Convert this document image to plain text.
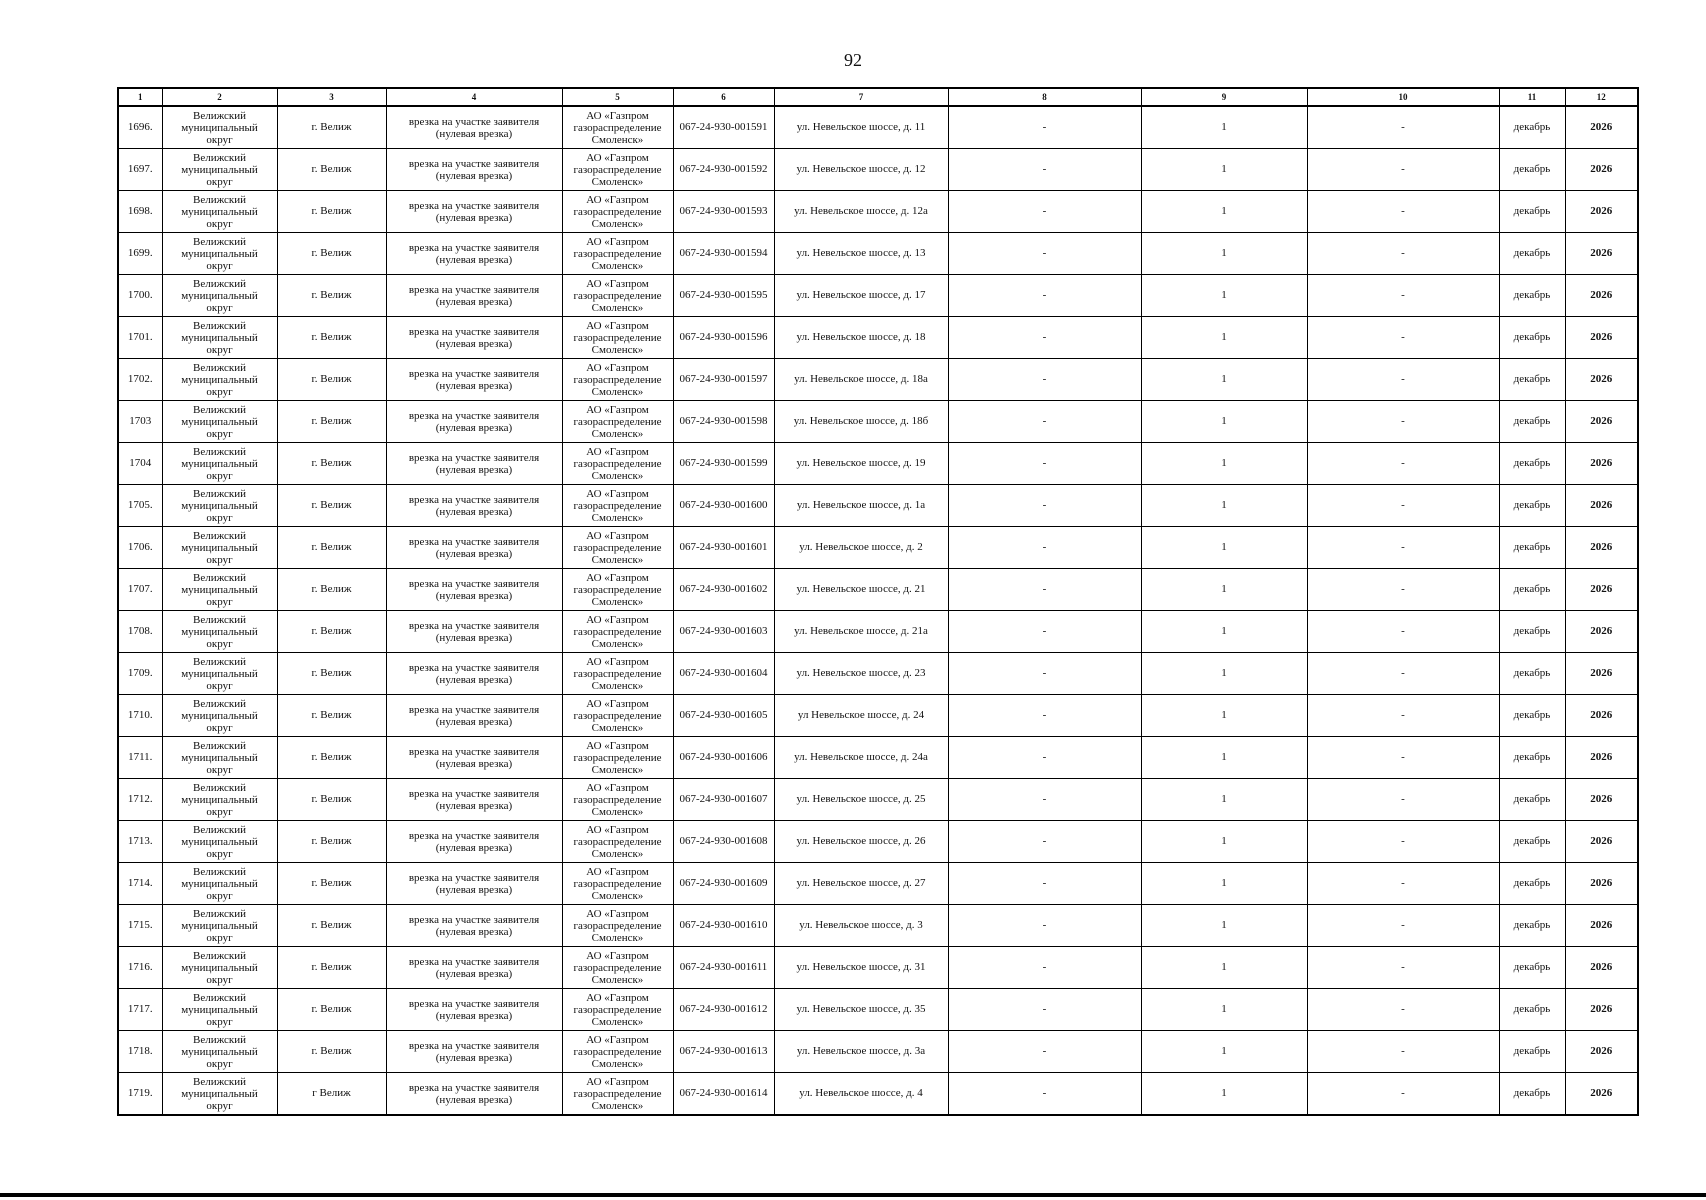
92
1	2	3	4	5	6	7	8	9	10	11	12
1696.	Велижский
муниципальный
округ	г. Велиж	врезка на участке заявителя
(нулевая врезка)	АО «Газпром
газораспределение
Смоленск»	067-24-930-001591	ул. Невельское шоссе, д. 11	-	1	-	декабрь	2026
1697.	Велижский
муниципальный
округ	г. Велиж	врезка на участке заявителя
(нулевая врезка)	АО «Газпром
газораспределение
Смоленск»	067-24-930-001592	ул. Невельское шоссе, д. 12	-	1	-	декабрь	2026
1698.	Велижский
муниципальный
округ	г. Велиж	врезка на участке заявителя
(нулевая врезка)	АО «Газпром
газораспределение
Смоленск»	067-24-930-001593	ул. Невельское шоссе, д. 12а	-	1	-	декабрь	2026
1699.	Велижский
муниципальный
округ	г. Велиж	врезка на участке заявителя
(нулевая врезка)	АО «Газпром
газораспределение
Смоленск»	067-24-930-001594	ул. Невельское шоссе, д. 13	-	1	-	декабрь	2026
1700.	Велижский
муниципальный
округ	г. Велиж	врезка на участке заявителя
(нулевая врезка)	АО «Газпром
газораспределение
Смоленск»	067-24-930-001595	ул. Невельское шоссе, д. 17	-	1	-	декабрь	2026
1701.	Велижский
муниципальный
округ	г. Велиж	врезка на участке заявителя
(нулевая врезка)	АО «Газпром
газораспределение
Смоленск»	067-24-930-001596	ул. Невельское шоссе, д. 18	-	1	-	декабрь	2026
1702.	Велижский
муниципальный
округ	г. Велиж	врезка на участке заявителя
(нулевая врезка)	АО «Газпром
газораспределение
Смоленск»	067-24-930-001597	ул. Невельское шоссе, д. 18а	-	1	-	декабрь	2026
1703	Велижский
муниципальный
округ	г. Велиж	врезка на участке заявителя
(нулевая врезка)	АО «Газпром
газораспределение
Смоленск»	067-24-930-001598	ул. Невельское шоссе, д. 18б	-	1	-	декабрь	2026
1704	Велижский
муниципальный
округ	г. Велиж	врезка на участке заявителя
(нулевая врезка)	АО «Газпром
газораспределение
Смоленск»	067-24-930-001599	ул. Невельское шоссе, д. 19	-	1	-	декабрь	2026
1705.	Велижский
муниципальный
округ	г. Велиж	врезка на участке заявителя
(нулевая врезка)	АО «Газпром
газораспределение
Смоленск»	067-24-930-001600	ул. Невельское шоссе, д. 1а	-	1	-	декабрь	2026
1706.	Велижский
муниципальный
округ	г. Велиж	врезка на участке заявителя
(нулевая врезка)	АО «Газпром
газораспределение
Смоленск»	067-24-930-001601	ул. Невельское шоссе, д. 2	-	1	-	декабрь	2026
1707.	Велижский
муниципальный
округ	г. Велиж	врезка на участке заявителя
(нулевая врезка)	АО «Газпром
газораспределение
Смоленск»	067-24-930-001602	ул. Невельское шоссе, д. 21	-	1	-	декабрь	2026
1708.	Велижский
муниципальный
округ	г. Велиж	врезка на участке заявителя
(нулевая врезка)	АО «Газпром
газораспределение
Смоленск»	067-24-930-001603	ул. Невельское шоссе, д. 21а	-	1	-	декабрь	2026
1709.	Велижский
муниципальный
округ	г. Велиж	врезка на участке заявителя
(нулевая врезка)	АО «Газпром
газораспределение
Смоленск»	067-24-930-001604	ул. Невельское шоссе, д. 23	-	1	-	декабрь	2026
1710.	Велижский
муниципальный
округ	г. Велиж	врезка на участке заявителя
(нулевая врезка)	АО «Газпром
газораспределение
Смоленск»	067-24-930-001605	ул Невельское шоссе, д. 24	-	1	-	декабрь	2026
1711.	Велижский
муниципальный
округ	г. Велиж	врезка на участке заявителя
(нулевая врезка)	АО «Газпром
газораспределение
Смоленск»	067-24-930-001606	ул. Невельское шоссе, д. 24а	-	1	-	декабрь	2026
1712.	Велижский
муниципальный
округ	г. Велиж	врезка на участке заявителя
(нулевая врезка)	АО «Газпром
газораспределение
Смоленск»	067-24-930-001607	ул. Невельское шоссе, д. 25	-	1	-	декабрь	2026
1713.	Велижский
муниципальный
округ	г. Велиж	врезка на участке заявителя
(нулевая врезка)	АО «Газпром
газораспределение
Смоленск»	067-24-930-001608	ул. Невельское шоссе, д. 26	-	1	-	декабрь	2026
1714.	Велижский
муниципальный
округ	г. Велиж	врезка на участке заявителя
(нулевая врезка)	АО «Газпром
газораспределение
Смоленск»	067-24-930-001609	ул. Невельское шоссе, д. 27	-	1	-	декабрь	2026
1715.	Велижский
муниципальный
округ	г. Велиж	врезка на участке заявителя
(нулевая врезка)	АО «Газпром
газораспределение
Смоленск»	067-24-930-001610	ул. Невельское шоссе, д. 3	-	1	-	декабрь	2026
1716.	Велижский
муниципальный
округ	г. Велиж	врезка на участке заявителя
(нулевая врезка)	АО «Газпром
газораспределение
Смоленск»	067-24-930-001611	ул. Невельское шоссе, д. 31	-	1	-	декабрь	2026
1717.	Велижский
муниципальный
округ	г. Велиж	врезка на участке заявителя
(нулевая врезка)	АО «Газпром
газораспределение
Смоленск»	067-24-930-001612	ул. Невельское шоссе, д. 35	-	1	-	декабрь	2026
1718.	Велижский
муниципальный
округ	г. Велиж	врезка на участке заявителя
(нулевая врезка)	АО «Газпром
газораспределение
Смоленск»	067-24-930-001613	ул. Невельское шоссе, д. 3а	-	1	-	декабрь	2026
1719.	Велижский
муниципальный
округ	г Велиж	врезка на участке заявителя
(нулевая врезка)	АО «Газпром
газораспределение
Смоленск»	067-24-930-001614	ул. Невельское шоссе, д. 4	-	1	-	декабрь	2026
